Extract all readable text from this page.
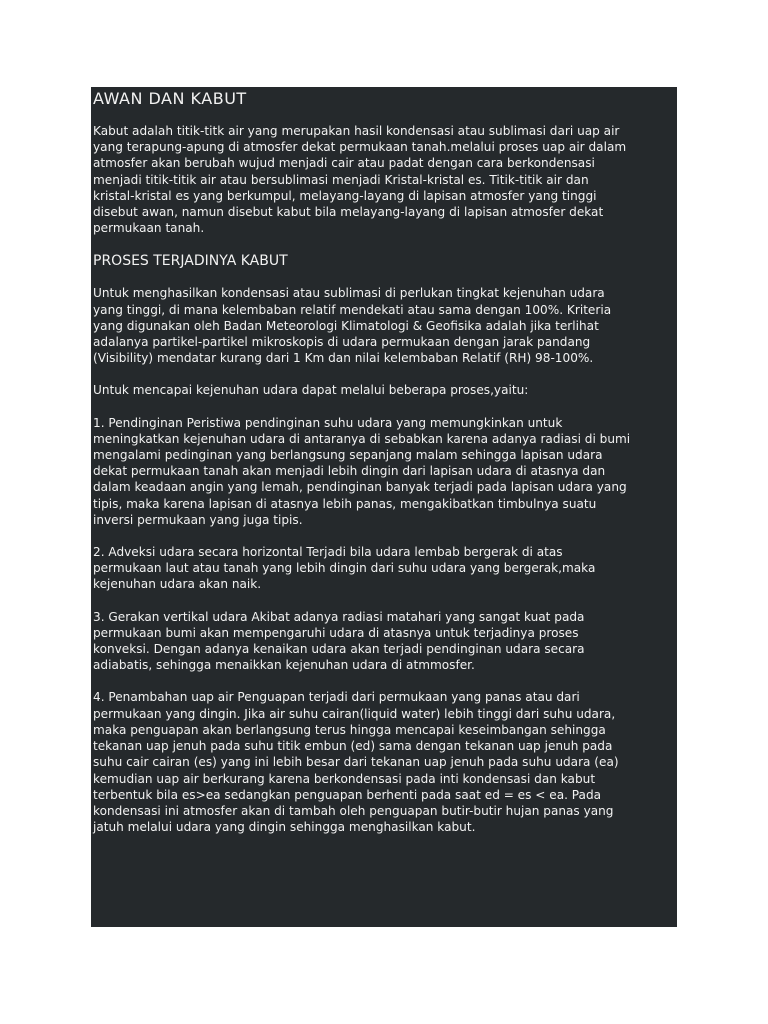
AWAN DAN KABUT

Kabut adalah titik-titk air yang merupakan hasil kondensasi atau sublimasi dari uap air
yang terapung-apung di atmosfer dekat permukaan tanah.melalui proses uap air dalam
atmosfer akan berubah wujud menjadi cair atau padat dengan cara berkondensasi
menjadi titik-titik air atau bersublimasi menjadi Kristal-kristal es. Titik-titik air dan
kristal-kristal es yang berkumpul, melayang-layang di lapisan atmosfer yang tinggi
disebut awan, namun disebut kabut bila melayang-layang di lapisan atmosfer dekat
permukaan tanah.

PROSES TERJADINYA KABUT

Untuk menghasilkan kondensasi atau sublimasi di perlukan tingkat kejenuhan udara
yang tinggi, di mana kelembaban relatif mendekati atau sama dengan 100%. Kriteria
yang digunakan oleh Badan Meteorologi Klimatologi & Geofisika adalah jika terlihat
adalanya partikel-partikel mikroskopis di udara permukaan dengan jarak pandang
(Visibility) mendatar kurang dari 1 Km dan nilai kelembaban Relatif (RH) 98-100%.

Untuk mencapai kejenuhan udara dapat melalui beberapa proses,yaitu:

1. Pendinginan Peristiwa pendinginan suhu udara yang memungkinkan untuk
meningkatkan kejenuhan udara di antaranya di sebabkan karena adanya radiasi di bumi
mengalami pedinginan yang berlangsung sepanjang malam sehingga lapisan udara
dekat permukaan tanah akan menjadi lebih dingin dari lapisan udara di atasnya dan
dalam keadaan angin yang lemah, pendinginan banyak terjadi pada lapisan udara yang
tipis, maka karena lapisan di atasnya lebih panas, mengakibatkan timbulnya suatu
inversi permukaan yang juga tipis.

2. Adveksi udara secara horizontal Terjadi bila udara lembab bergerak di atas
permukaan laut atau tanah yang lebih dingin dari suhu udara yang bergerak,maka
kejenuhan udara akan naik.

3. Gerakan vertikal udara Akibat adanya radiasi matahari yang sangat kuat pada
permukaan bumi akan mempengaruhi udara di atasnya untuk terjadinya proses
konveksi. Dengan adanya kenaikan udara akan terjadi pendinginan udara secara
adiabatis, sehingga menaikkan kejenuhan udara di atmmosfer.

4. Penambahan uap air Penguapan terjadi dari permukaan yang panas atau dari
permukaan yang dingin. Jika air suhu cairan(liquid water) lebih tinggi dari suhu udara,
maka penguapan akan berlangsung terus hingga mencapai keseimbangan sehingga
tekanan uap jenuh pada suhu titik embun (ed) sama dengan tekanan uap jenuh pada
suhu cair cairan (es) yang ini lebih besar dari tekanan uap jenuh pada suhu udara (ea)
kemudian uap air berkurang karena berkondensasi pada inti kondensasi dan kabut
terbentuk bila es>ea sedangkan penguapan berhenti pada saat ed = es < ea. Pada
kondensasi ini atmosfer akan di tambah oleh penguapan butir-butir hujan panas yang
jatuh melalui udara yang dingin sehingga menghasilkan kabut.
